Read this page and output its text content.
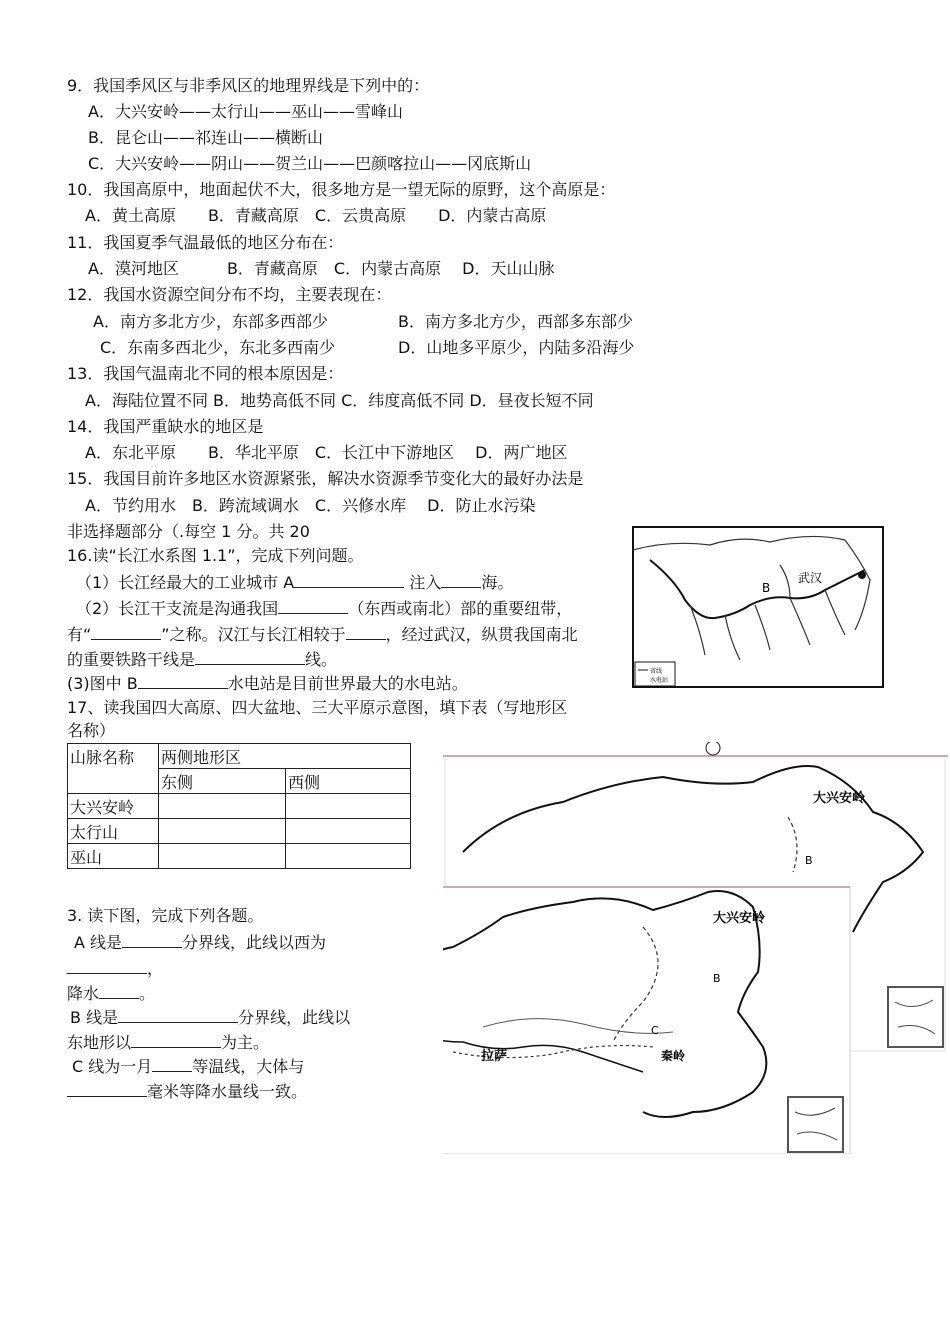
9．我国季风区与非季风区的地理界线是下列中的：
A．大兴安岭——太行山——巫山——雪峰山
B．昆仑山——祁连山——横断山
C．大兴安岭——阴山——贺兰山——巴颜喀拉山——冈底斯山
10．我国高原中，地面起伏不大，很多地方是一望无际的原野，这个高原是：
A．黄土高原　　B．青藏高原　C．云贵高原　　D．内蒙古高原
11．我国夏季气温最低的地区分布在：
A．漠河地区　　　B．青藏高原　C．内蒙古高原　 D．天山山脉
12．我国水资源空间分布不均，主要表现在：
A．南方多北方少，东部多西部少	B．南方多北方少，西部多东部少
C．东南多西北少，东北多西南少	D．山地多平原少，内陆多沿海少
13．我国气温南北不同的根本原因是：
A．海陆位置不同 B．地势高低不同 C．纬度高低不同 D．昼夜长短不同
14．我国严重缺水的地区是
A．东北平原　　B．华北平原　C．长江中下游地区　 D．两广地区
15．我国目前许多地区水资源紧张，解决水资源季节变化大的最好办法是
A．节约用水　B．跨流域调水　C．兴修水库　 D．防止水污染
非选择题部分（.每空 1 分。共 20
16.读“长江水系图 1.1”，完成下列问题。
（1）长江经最大的工业城市 A	注入	海。
（2）长江干支流是沟通我国	（东西或南北）部的重要纽带，
有“	”之称。汉江与长江相较于	，经过武汉，纵贯我国南北
的重要铁路干线是	线。
(3)图中 B	水电站是目前世界最大的水电站。
B
武汉
省线
水电站
17、读我国四大高原、四大盆地、三大平原示意图，填下表（写地形区
名称）
山脉名称	两侧地形区	
	东侧	西侧
大兴安岭		
太行山		
巫山		
3. 读下图，完成下列各题。
A 线是	分界线，此线以西为
，
降水	。
B 线是	分界线，此线以
东地形以	为主。
C 线为一月	等温线，大体与
毫米等降水量线一致。
大兴安岭
B
大兴安岭
B
C
拉萨	秦岭
